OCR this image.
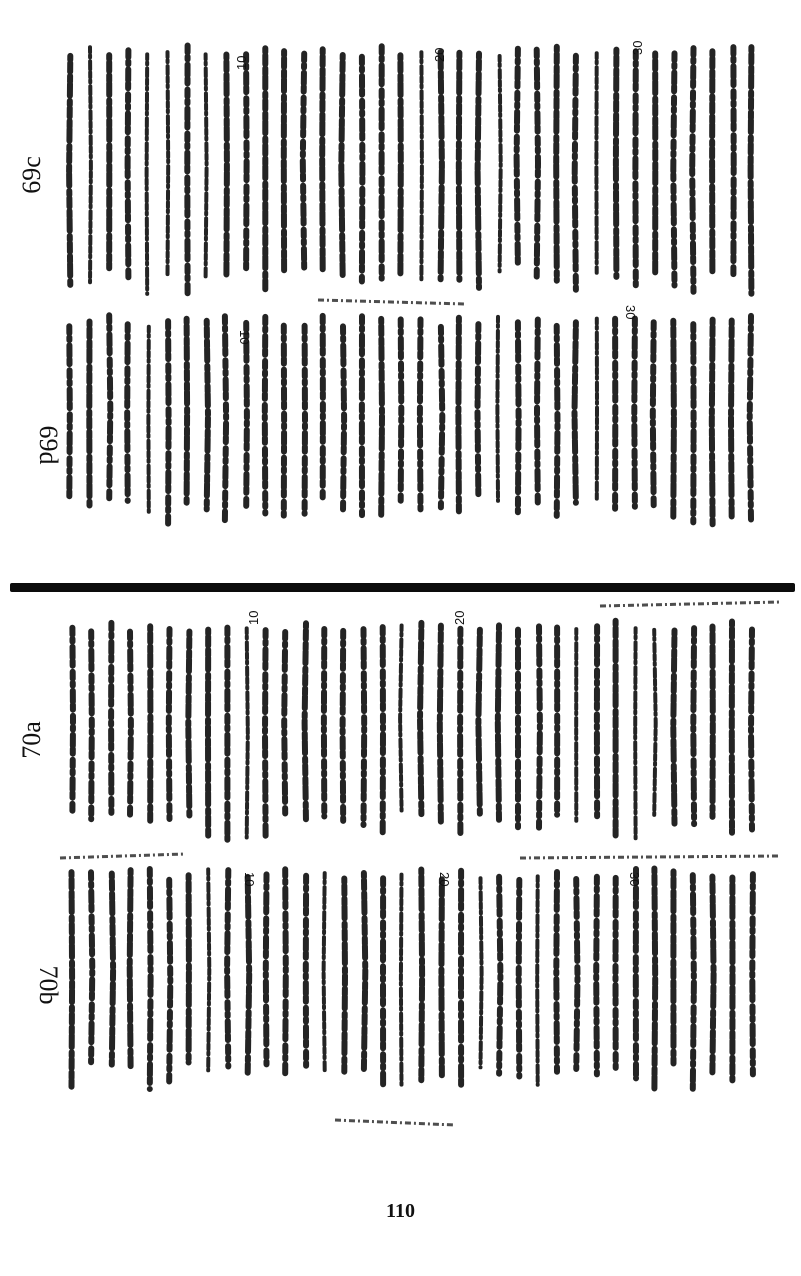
69c
69d
70a
70b
10
20	30
10
30
10	20
10	20	30
110
